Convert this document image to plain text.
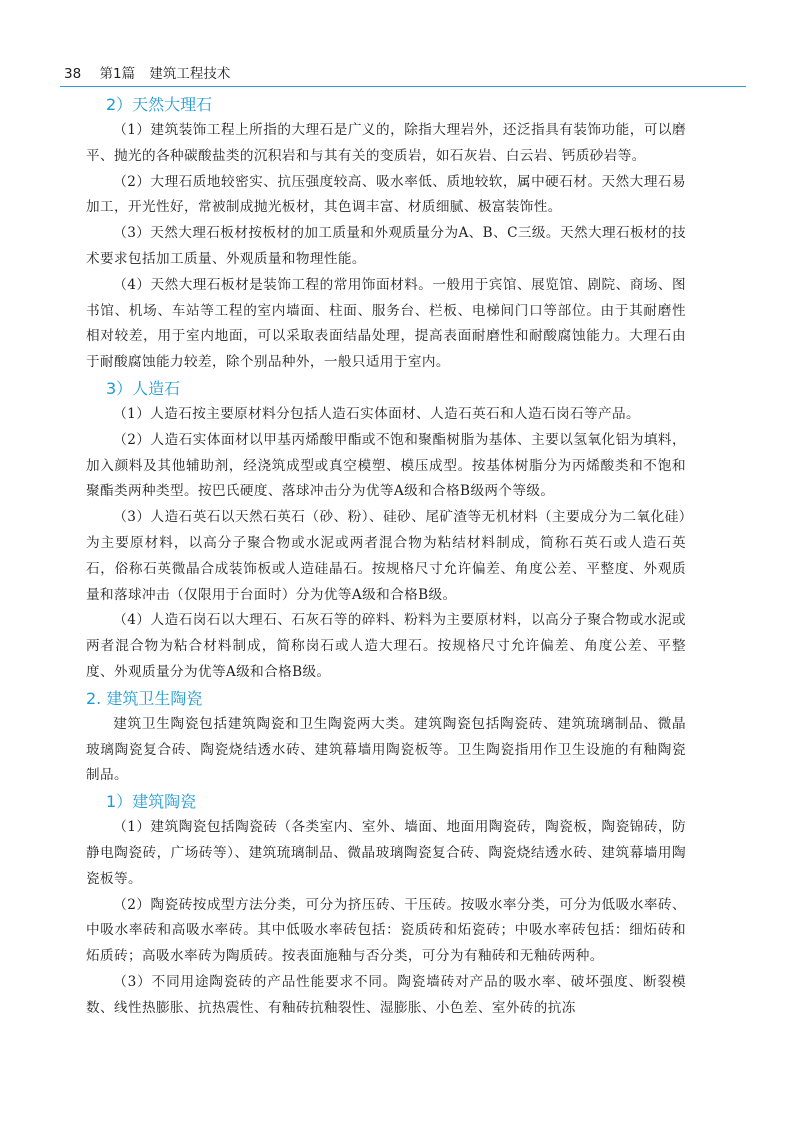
38 第1篇 建筑工程技术
2）天然大理石
（1）建筑装饰工程上所指的大理石是广义的，除指大理岩外，还泛指具有装饰功能，可以磨平、抛光的各种碳酸盐类的沉积岩和与其有关的变质岩，如石灰岩、白云岩、钙质砂岩等。
（2）大理石质地较密实、抗压强度较高、吸水率低、质地较软，属中硬石材。天然大理石易加工，开光性好，常被制成抛光板材，其色调丰富、材质细腻、极富装饰性。
（3）天然大理石板材按板材的加工质量和外观质量分为A、B、C三级。天然大理石板材的技术要求包括加工质量、外观质量和物理性能。
（4）天然大理石板材是装饰工程的常用饰面材料。一般用于宾馆、展览馆、剧院、商场、图书馆、机场、车站等工程的室内墙面、柱面、服务台、栏板、电梯间门口等部位。由于其耐磨性相对较差，用于室内地面，可以采取表面结晶处理，提高表面耐磨性和耐酸腐蚀能力。大理石由于耐酸腐蚀能力较差，除个别品种外，一般只适用于室内。
3）人造石
（1）人造石按主要原材料分包括人造石实体面材、人造石英石和人造石岗石等产品。
（2）人造石实体面材以甲基丙烯酸甲酯或不饱和聚酯树脂为基体、主要以氢氧化铝为填料，加入颜料及其他辅助剂，经浇筑成型或真空模塑、模压成型。按基体树脂分为丙烯酸类和不饱和聚酯类两种类型。按巴氏硬度、落球冲击分为优等A级和合格B级两个等级。
（3）人造石英石以天然石英石（砂、粉）、硅砂、尾矿渣等无机材料（主要成分为二氧化硅）为主要原材料，以高分子聚合物或水泥或两者混合物为粘结材料制成，简称石英石或人造石英石，俗称石英微晶合成装饰板或人造硅晶石。按规格尺寸允许偏差、角度公差、平整度、外观质量和落球冲击（仅限用于台面时）分为优等A级和合格B级。
（4）人造石岗石以大理石、石灰石等的碎料、粉料为主要原材料，以高分子聚合物或水泥或两者混合物为粘合材料制成，简称岗石或人造大理石。按规格尺寸允许偏差、角度公差、平整度、外观质量分为优等A级和合格B级。
2. 建筑卫生陶瓷
建筑卫生陶瓷包括建筑陶瓷和卫生陶瓷两大类。建筑陶瓷包括陶瓷砖、建筑琉璃制品、微晶玻璃陶瓷复合砖、陶瓷烧结透水砖、建筑幕墙用陶瓷板等。卫生陶瓷指用作卫生设施的有釉陶瓷制品。
1）建筑陶瓷
（1）建筑陶瓷包括陶瓷砖（各类室内、室外、墙面、地面用陶瓷砖，陶瓷板，陶瓷锦砖，防静电陶瓷砖，广场砖等）、建筑琉璃制品、微晶玻璃陶瓷复合砖、陶瓷烧结透水砖、建筑幕墙用陶瓷板等。
（2）陶瓷砖按成型方法分类，可分为挤压砖、干压砖。按吸水率分类，可分为低吸水率砖、中吸水率砖和高吸水率砖。其中低吸水率砖包括：瓷质砖和炻瓷砖；中吸水率砖包括：细炻砖和炻质砖；高吸水率砖为陶质砖。按表面施釉与否分类，可分为有釉砖和无釉砖两种。
（3）不同用途陶瓷砖的产品性能要求不同。陶瓷墙砖对产品的吸水率、破坏强度、断裂模数、线性热膨胀、抗热震性、有釉砖抗釉裂性、湿膨胀、小色差、室外砖的抗冻
